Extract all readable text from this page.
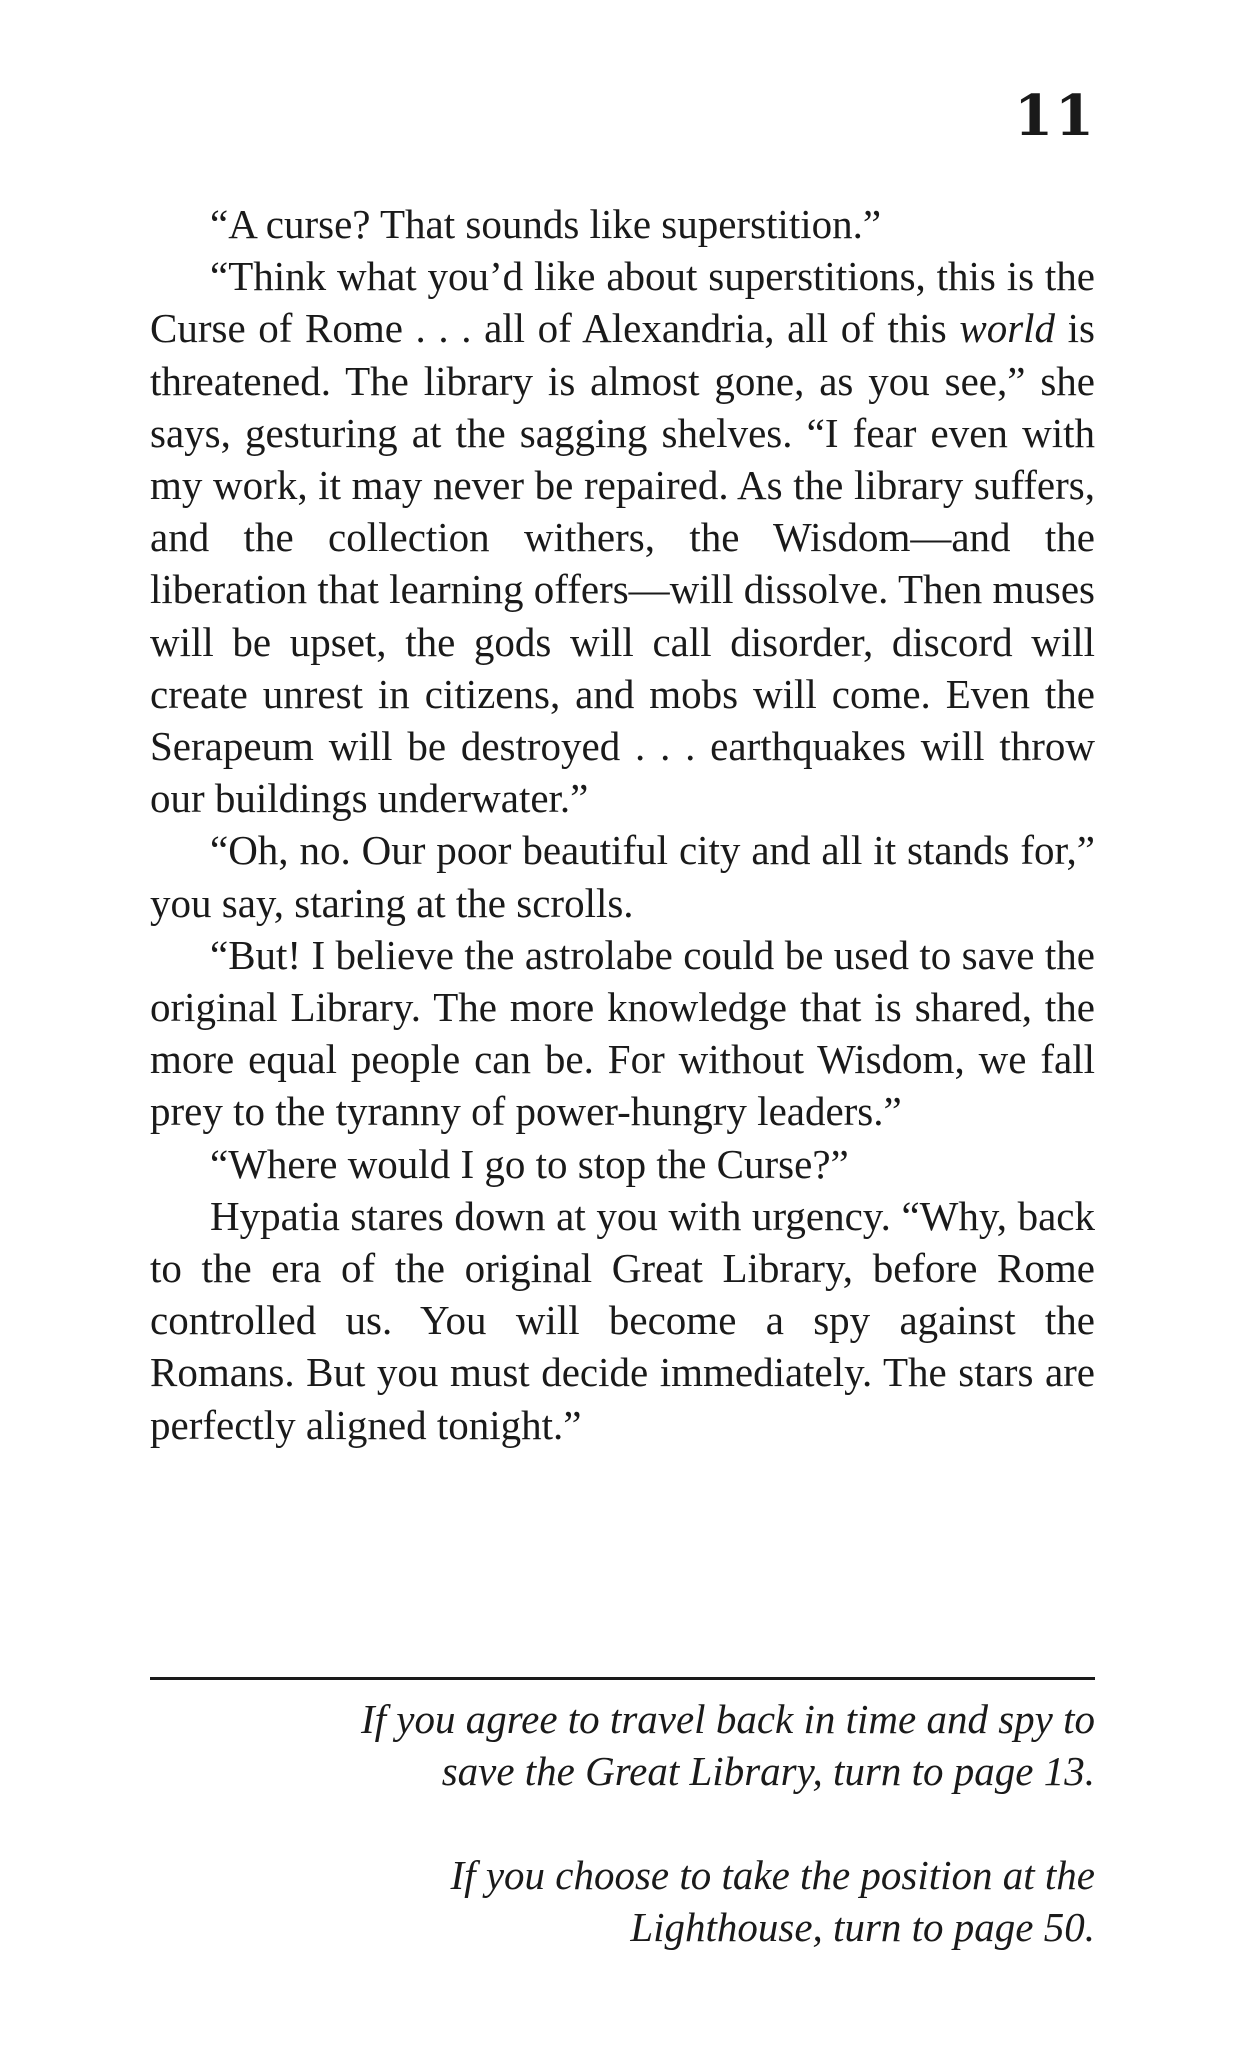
11

“A curse? That sounds like superstition.”

“Think what you’d like about superstitions, this is the Curse of Rome . . . all of Alexandria, all of this world is threatened. The library is almost gone, as you see,” she says, gesturing at the sagging shelves. “I fear even with my work, it may never be repaired. As the library suffers, and the collection withers, the Wisdom—and the liberation that learning offers—will dissolve. Then muses will be upset, the gods will call disorder, discord will create unrest in citizens, and mobs will come. Even the Serapeum will be destroyed . . . earthquakes will throw our buildings underwater.”

“Oh, no. Our poor beautiful city and all it stands for,” you say, staring at the scrolls.

“But! I believe the astrolabe could be used to save the original Library. The more knowledge that is shared, the more equal people can be. For without Wisdom, we fall prey to the tyranny of power-hungry leaders.”

“Where would I go to stop the Curse?”

Hypatia stares down at you with urgency. “Why, back to the era of the original Great Library, before Rome controlled us. You will become a spy against the Romans. But you must decide immediately. The stars are perfectly aligned tonight.”

If you agree to travel back in time and spy to
save the Great Library, turn to page 13.

If you choose to take the position at the
Lighthouse, turn to page 50.
